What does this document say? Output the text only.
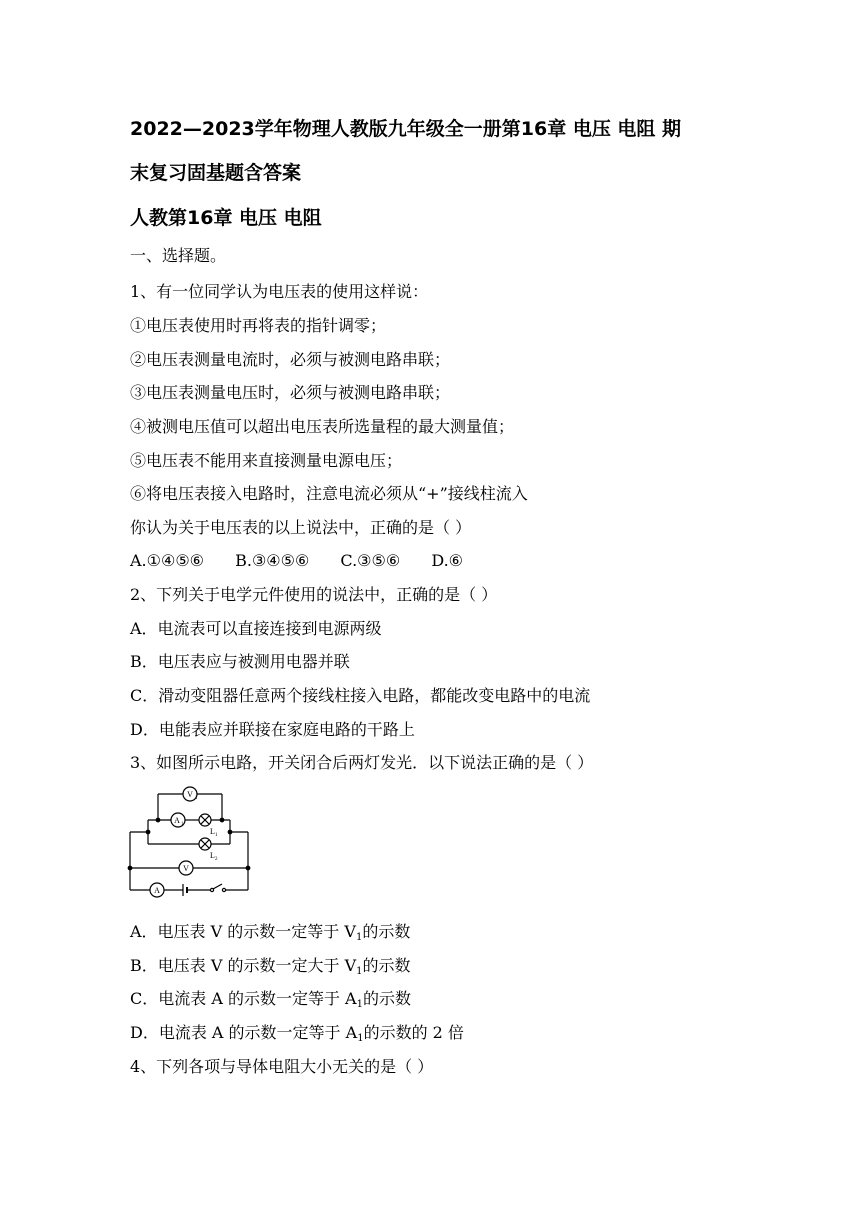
2022—2023学年物理人教版九年级全一册第16章 电压 电阻 期

末复习固基题含答案

人教第16章 电压 电阻

一、选择题。

1、有一位同学认为电压表的使用这样说：

①电压表使用时再将表的指针调零；

②电压表测量电流时，必须与被测电路串联；

③电压表测量电压时，必须与被测电路串联；

④被测电压值可以超出电压表所选量程的最大测量值；

⑤电压表不能用来直接测量电源电压；

⑥将电压表接入电路时，注意电流必须从“+”接线柱流入

你认为关于电压表的以上说法中，正确的是（ ）

A.①④⑤⑥ B.③④⑤⑥ C.③⑤⑥ D.⑥

2、下列关于电学元件使用的说法中，正确的是（ ）

A．电流表可以直接连接到电源两级

B．电压表应与被测用电器并联

C．滑动变阻器任意两个接线柱接入电路，都能改变电路中的电流

D．电能表应并联接在家庭电路的干路上

3、如图所示电路，开关闭合后两灯发光．以下说法正确的是（ ）

V 1
A 1
L 1
L 2
V
A

A．电压表 V 的示数一定等于 $V_1$的示数

B．电压表 V 的示数一定大于 $V_1$的示数

C．电流表 A 的示数一定等于 $A_1$的示数

D．电流表 A 的示数一定等于 $A_1$的示数的 2 倍

4、下列各项与导体电阻大小无关的是（ ）
